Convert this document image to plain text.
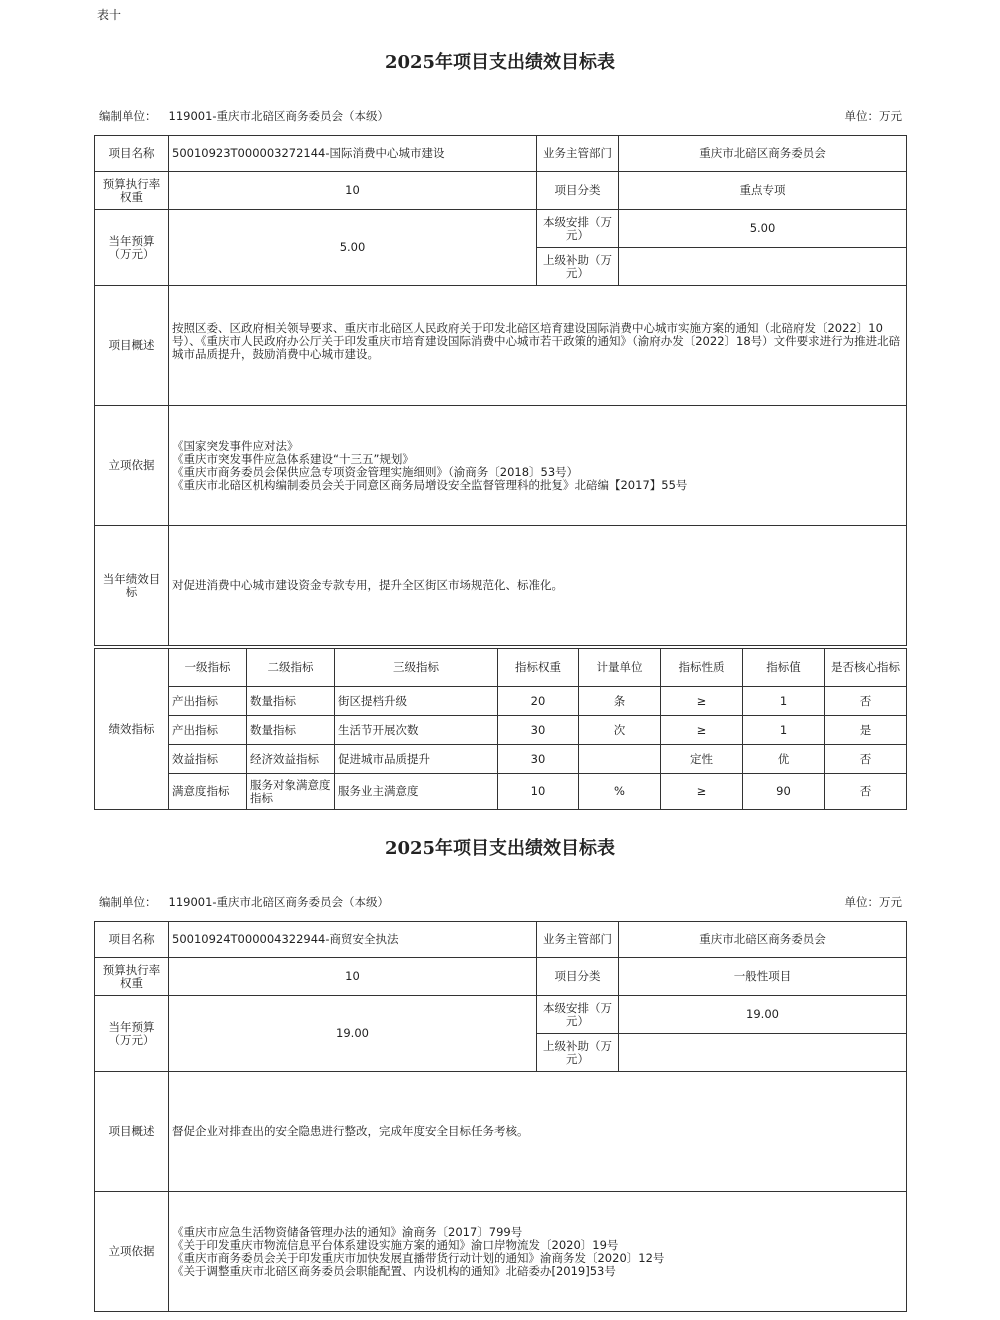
表十
2025年项目支出绩效目标表
编制单位： 119001-重庆市北碚区商务委员会（本级）	单位：万元
项目名称	50010923T000003272144-国际消费中心城市建设	业务主管部门	重庆市北碚区商务委员会
预算执行率权重	10	项目分类	重点专项
当年预算（万元）	5.00	本级安排（万元）	5.00
		上级补助（万元）	
项目概述	按照区委、区政府相关领导要求、重庆市北碚区人民政府关于印发北碚区培育建设国际消费中心城市实施方案的通知（北碚府发〔2022〕10号）、《重庆市人民政府办公厅关于印发重庆市培育建设国际消费中心城市若干政策的通知》（渝府办发〔2022〕18号）文件要求进行为推进北碚城市品质提升，鼓励消费中心城市建设。		
立项依据	《国家突发事件应对法》
《重庆市突发事件应急体系建设“十三五”规划》
《重庆市商务委员会保供应急专项资金管理实施细则》（渝商务〔2018〕53号）
《重庆市北碚区机构编制委员会关于同意区商务局增设安全监督管理科的批复》北碚编【2017】55号		

当年绩效目标	对促进消费中心城市建设资金专款专用，提升全区街区市场规范化、标准化。		
绩效指标	一级指标	二级指标	三级指标	指标权重	计量单位	指标性质	指标值	是否核心指标
	产出指标	数量指标	街区提档升级	20	条	≥	1	否
	产出指标	数量指标	生活节开展次数	30	次	≥	1	是
	效益指标	经济效益指标	促进城市品质提升	30		定性	优	否
	满意度指标	服务对象满意度指标	服务业主满意度	10	%	≥	90	否
2025年项目支出绩效目标表
编制单位： 119001-重庆市北碚区商务委员会（本级）	单位：万元
项目名称	50010924T000004322944-商贸安全执法	业务主管部门	重庆市北碚区商务委员会
预算执行率权重	10	项目分类	一般性项目
当年预算（万元）	19.00	本级安排（万元）	19.00
		上级补助（万元）	
项目概述	督促企业对排查出的安全隐患进行整改，完成年度安全目标任务考核。		
立项依据	《重庆市应急生活物资储备管理办法的通知》渝商务〔2017〕799号
《关于印发重庆市物流信息平台体系建设实施方案的通知》渝口岸物流发〔2020〕19号
《重庆市商务委员会关于印发重庆市加快发展直播带货行动计划的通知》渝商务发〔2020〕12号
《关于调整重庆市北碚区商务委员会职能配置、内设机构的通知》北碚委办[2019]53号		
